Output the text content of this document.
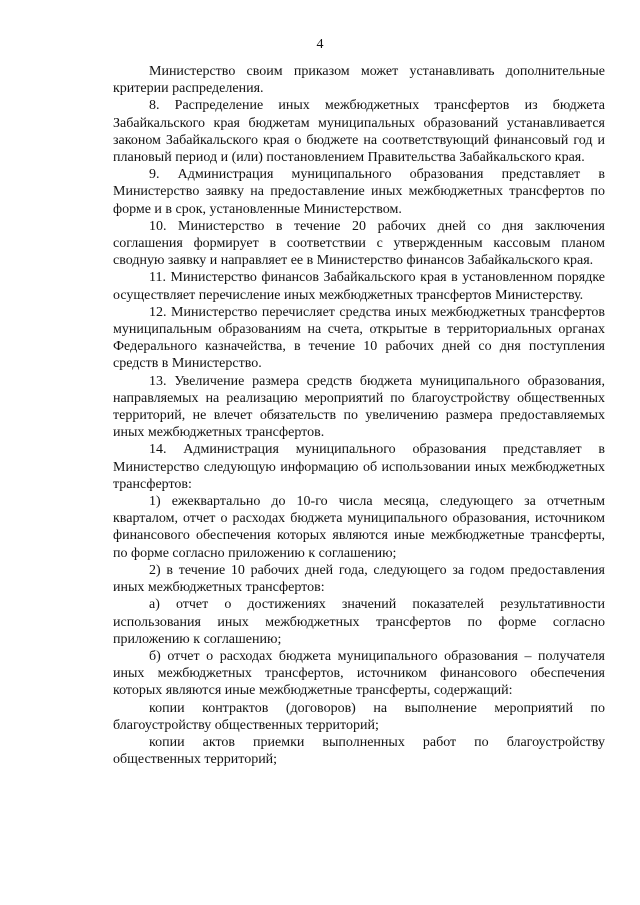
4

Министерство своим приказом может устанавливать дополнительные критерии распределения.

8. Распределение иных межбюджетных трансфертов из бюджета Забайкальского края бюджетам муниципальных образований устанавливается законом Забайкальского края о бюджете на соответствующий финансовый год и плановый период и (или) постановлением Правительства Забайкальского края.

9. Администрация муниципального образования представляет в Министерство заявку на предоставление иных межбюджетных трансфертов по форме и в срок, установленные Министерством.

10. Министерство в течение 20 рабочих дней со дня заключения соглашения формирует в соответствии с утвержденным кассовым планом сводную заявку и направляет ее в Министерство финансов Забайкальского края.

11. Министерство финансов Забайкальского края в установленном порядке осуществляет перечисление иных межбюджетных трансфертов Министерству.

12. Министерство перечисляет средства иных межбюджетных трансфертов муниципальным образованиям на счета, открытые в территориальных органах Федерального казначейства, в течение 10 рабочих дней со дня поступления средств в Министерство.

13. Увеличение размера средств бюджета муниципального образования, направляемых на реализацию мероприятий по благоустройству общественных территорий, не влечет обязательств по увеличению размера предоставляемых иных межбюджетных трансфертов.

14. Администрация муниципального образования представляет в Министерство следующую информацию об использовании иных межбюджетных трансфертов:

1) ежеквартально до 10-го числа месяца, следующего за отчетным кварталом, отчет о расходах бюджета муниципального образования, источником финансового обеспечения которых являются иные межбюджетные трансферты, по форме согласно приложению к соглашению;

2) в течение 10 рабочих дней года, следующего за годом предоставления иных межбюджетных трансфертов:

а) отчет о достижениях значений показателей результативности использования иных межбюджетных трансфертов по форме согласно приложению к соглашению;

б) отчет о расходах бюджета муниципального образования – получателя иных межбюджетных трансфертов, источником финансового обеспечения которых являются иные межбюджетные трансферты, содержащий:

копии контрактов (договоров) на выполнение мероприятий по благоустройству общественных территорий;

копии актов приемки выполненных работ по благоустройству общественных территорий;
